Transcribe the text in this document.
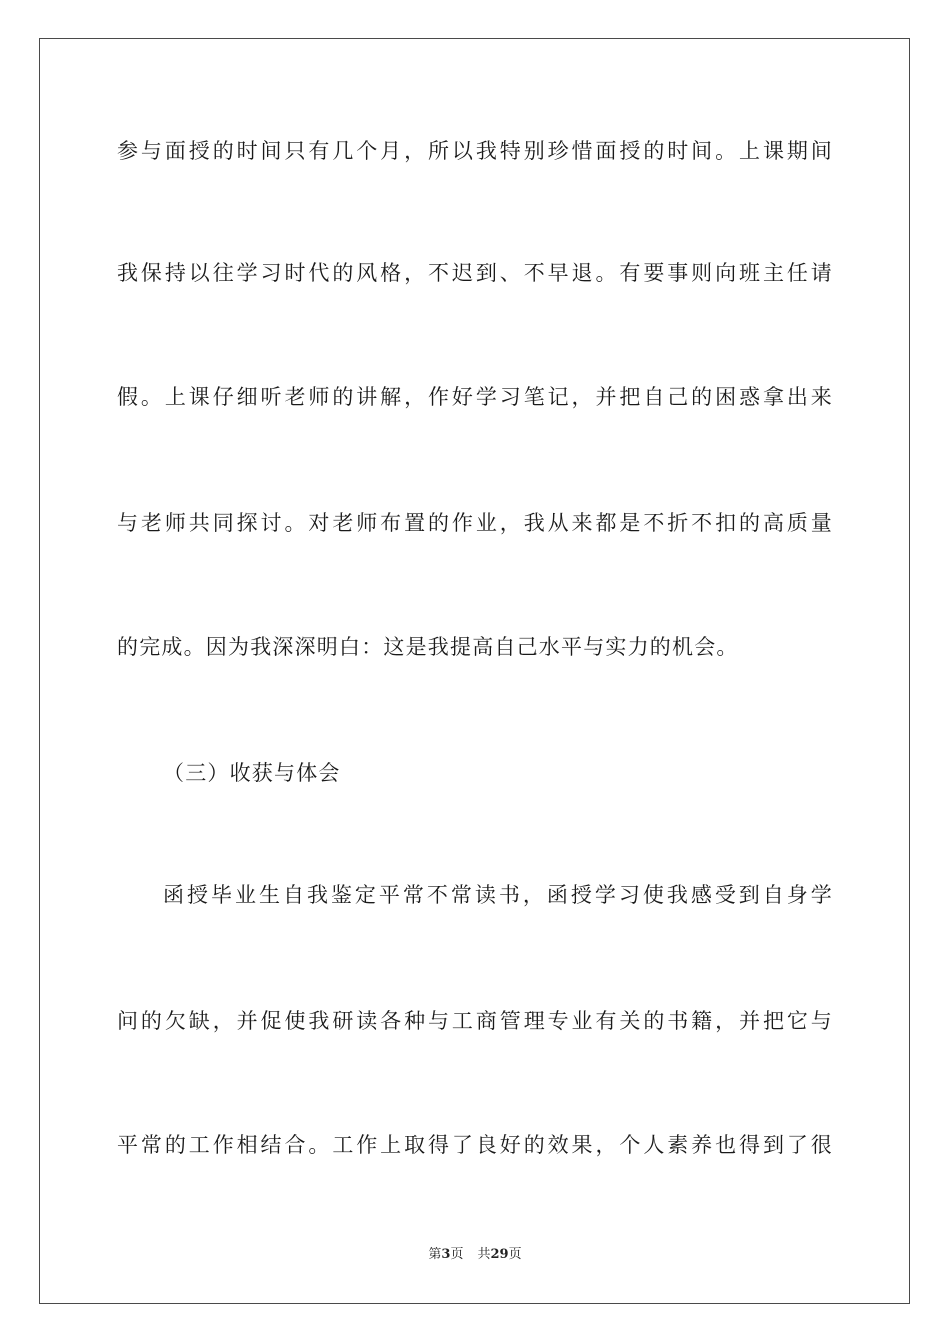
参与面授的时间只有几个月，所以我特别珍惜面授的时间。上课期间
我保持以往学习时代的风格，不迟到、不早退。有要事则向班主任请
假。上课仔细听老师的讲解，作好学习笔记，并把自己的困惑拿出来
与老师共同探讨。对老师布置的作业，我从来都是不折不扣的高质量
的完成。因为我深深明白：这是我提高自己水平与实力的机会。
（三）收获与体会
函授毕业生自我鉴定平常不常读书，函授学习使我感受到自身学
问的欠缺，并促使我研读各种与工商管理专业有关的书籍，并把它与
平常的工作相结合。工作上取得了良好的效果，个人素养也得到了很
第3页 共29页
